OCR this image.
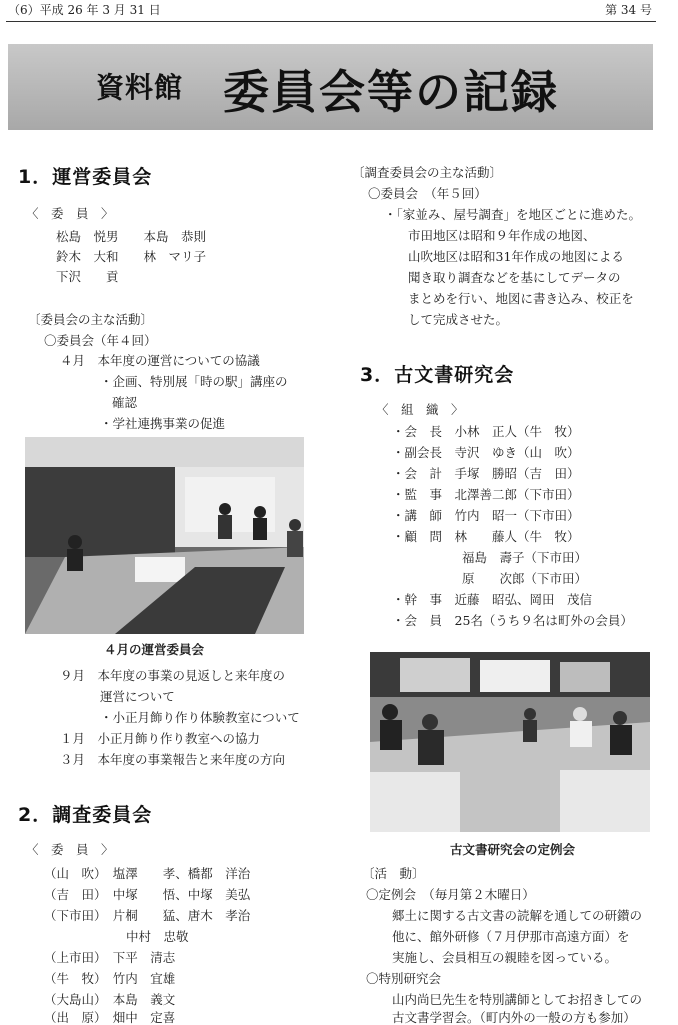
（6）平成 26 年 3 月 31 日	第 34 号
資料館 委員会等の記録
1．運営委員会
〈　委　員　〉
松島　悦男　　本島　恭則
鈴木　大和　　林　マリ子
下沢　　貢
〔委員会の主な活動〕
〇委員会（年４回）
４月　本年度の運営についての協議
・企画、特別展「時の駅」講座の
確認
・学社連携事業の促進
４月の運営委員会
９月　本年度の事業の見返しと来年度の
運営について
・小正月飾り作り体験教室について
１月　小正月飾り作り教室への協力
３月　本年度の事業報告と来年度の方向
2．調査委員会
〈　委　員　〉
（山　吹）　塩澤　　孝、橋都　洋治
（吉　田）　中塚　　悟、中塚　美弘
（下市田）　片桐　　猛、唐木　孝治
中村　忠敬
（上市田）　下平　清志
（牛　牧）　竹内　宜雄
（大島山）　本島　義文
（出　原）　畑中　定喜
〔調査委員会の主な活動〕
〇委員会　（年５回）
・「家並み、屋号調査」を地区ごとに進めた。
市田地区は昭和９年作成の地図、
山吹地区は昭和31年作成の地図による
聞き取り調査などを基にしてデータの
まとめを行い、地図に書き込み、校正を
して完成させた。
3．古文書研究会
〈　組　織　〉
・会　長　小林　正人（牛　牧）
・副会長　寺沢　ゆき（山　吹）
・会　計　手塚　勝昭（吉　田）
・監　事　北澤善二郎（下市田）
・講　師　竹内　昭一（下市田）
・顧　問　林　　藤人（牛　牧）
福島　壽子（下市田）
原　　次郎（下市田）
・幹　事　近藤　昭弘、岡田　茂信
・会　員　25名（うち９名は町外の会員）
古文書研究会の定例会
〔活　動〕
〇定例会　（毎月第２木曜日）
郷土に関する古文書の読解を通しての研鑚の
他に、館外研修（７月伊那市高遠方面）を
実施し、会員相互の親睦を図っている。
〇特別研究会
山内尚巳先生を特別講師としてお招きしての
古文書学習会。（町内外の一般の方も参加）
